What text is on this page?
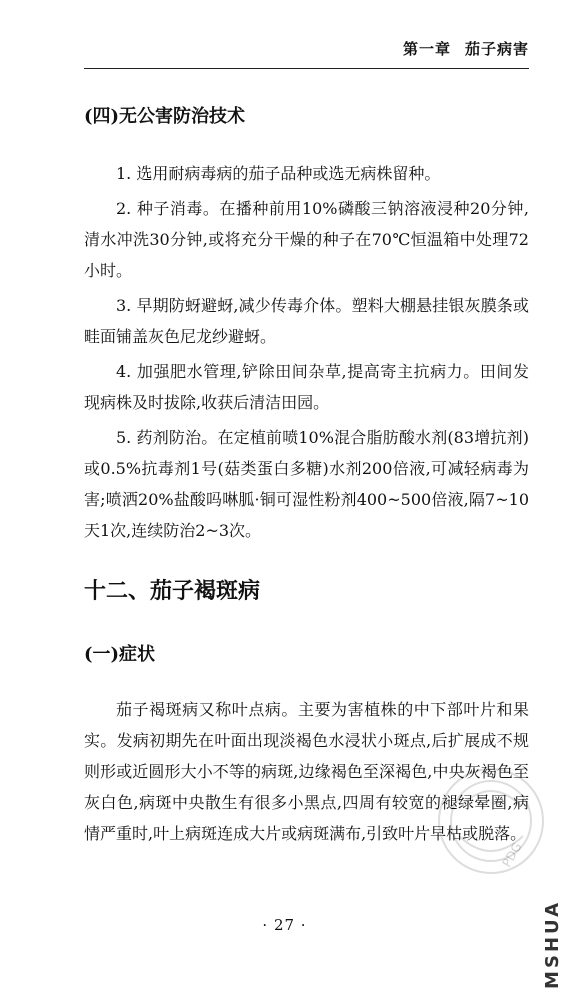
第一章 茄子病害
(四)无公害防治技术

1. 选用耐病毒病的茄子品种或选无病株留种。

2. 种子消毒。在播种前用10%磷酸三钠溶液浸种20分钟,清水冲洗30分钟,或将充分干燥的种子在70℃恒温箱中处理72小时。

3. 早期防蚜避蚜,减少传毒介体。塑料大棚悬挂银灰膜条或畦面铺盖灰色尼龙纱避蚜。

4. 加强肥水管理,铲除田间杂草,提高寄主抗病力。田间发现病株及时拔除,收获后清洁田园。

5. 药剂防治。在定植前喷10%混合脂肪酸水剂(83增抗剂)或0.5%抗毒剂1号(菇类蛋白多糖)水剂200倍液,可减轻病毒为害;喷洒20%盐酸吗啉胍·铜可湿性粉剂400~500倍液,隔7~10天1次,连续防治2~3次。

十二、茄子褐斑病
(一)症状

茄子褐斑病又称叶点病。主要为害植株的中下部叶片和果实。发病初期先在叶面出现淡褐色水浸状小斑点,后扩展成不规则形或近圆形大小不等的病斑,边缘褐色至深褐色,中央灰褐色至灰白色,病斑中央散生有很多小黑点,四周有较宽的褪绿晕圈,病情严重时,叶上病斑连成大片或病斑满布,引致叶片早枯或脱落。

· 27 ·
PDG
MSHUA
